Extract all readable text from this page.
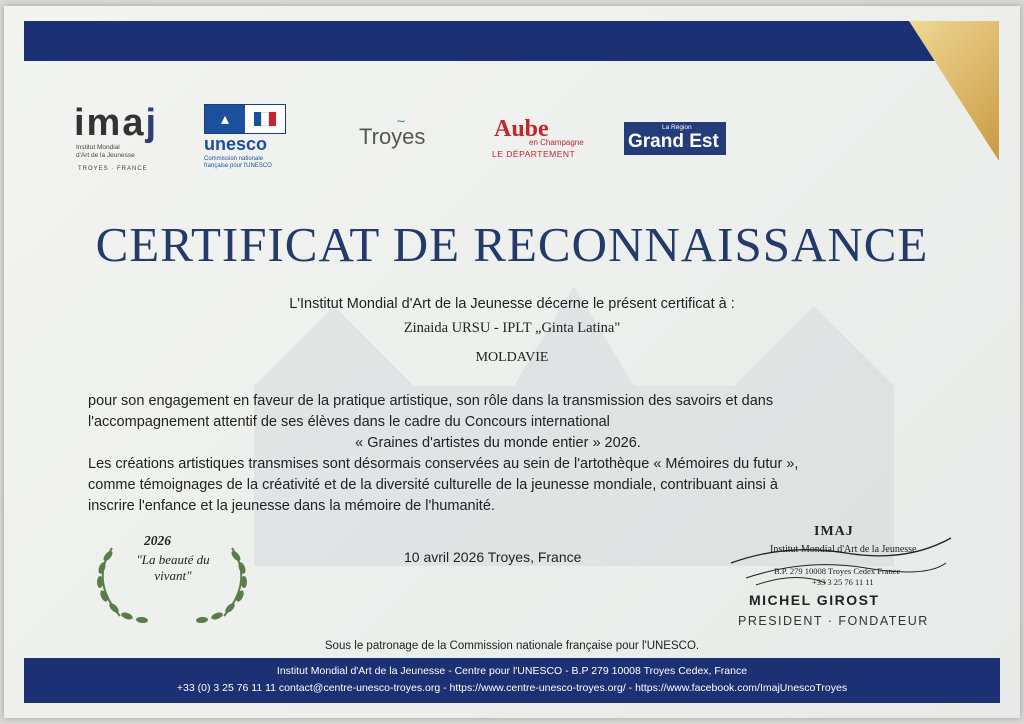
imaj
Institut Mondial
d'Art de la Jeunesse
TROYES · FRANCE
▴
unesco
Commission nationale
française pour l'UNESCO
∼
Troyes	Aube
en Champagne
LE DÉPARTEMENT
La Région
Grand Est
CERTIFICAT DE RECONNAISSANCE
L'Institut Mondial d'Art de la Jeunesse décerne le présent certificat à :
Zinaida URSU - IPLT „Ginta Latina"
MOLDAVIE
pour son engagement en faveur de la pratique artistique, son rôle dans la transmission des savoirs et dans
l'accompagnement attentif de ses élèves dans le cadre du Concours international

« Graines d'artistes du monde entier » 2026.
Les créations artistiques transmises sont désormais conservées au sein de l'artothèque « Mémoires du futur »,
comme témoignages de la créativité et de la diversité culturelle de la jeunesse mondiale, contribuant ainsi à
inscrire l'enfance et la jeunesse dans la mémoire de l'humanité.
2026
"La beauté du
vivant"
10 avril 2026 Troyes, France
IMAJ
Institut Mondial d'Art de la Jeunesse
B.P. 279 10008 Troyes Cedex France
+33 3 25 76 11 11
MICHEL GIROST
PRESIDENT · FONDATEUR
Sous le patronage de la Commission nationale française pour l'UNESCO.
Institut Mondial d'Art de la Jeunesse - Centre pour l'UNESCO - B.P 279 10008 Troyes Cedex, France
+33 (0) 3 25 76 11 11 contact@centre-unesco-troyes.org - https://www.centre-unesco-troyes.org/ - https://www.facebook.com/ImajUnescoTroyes
